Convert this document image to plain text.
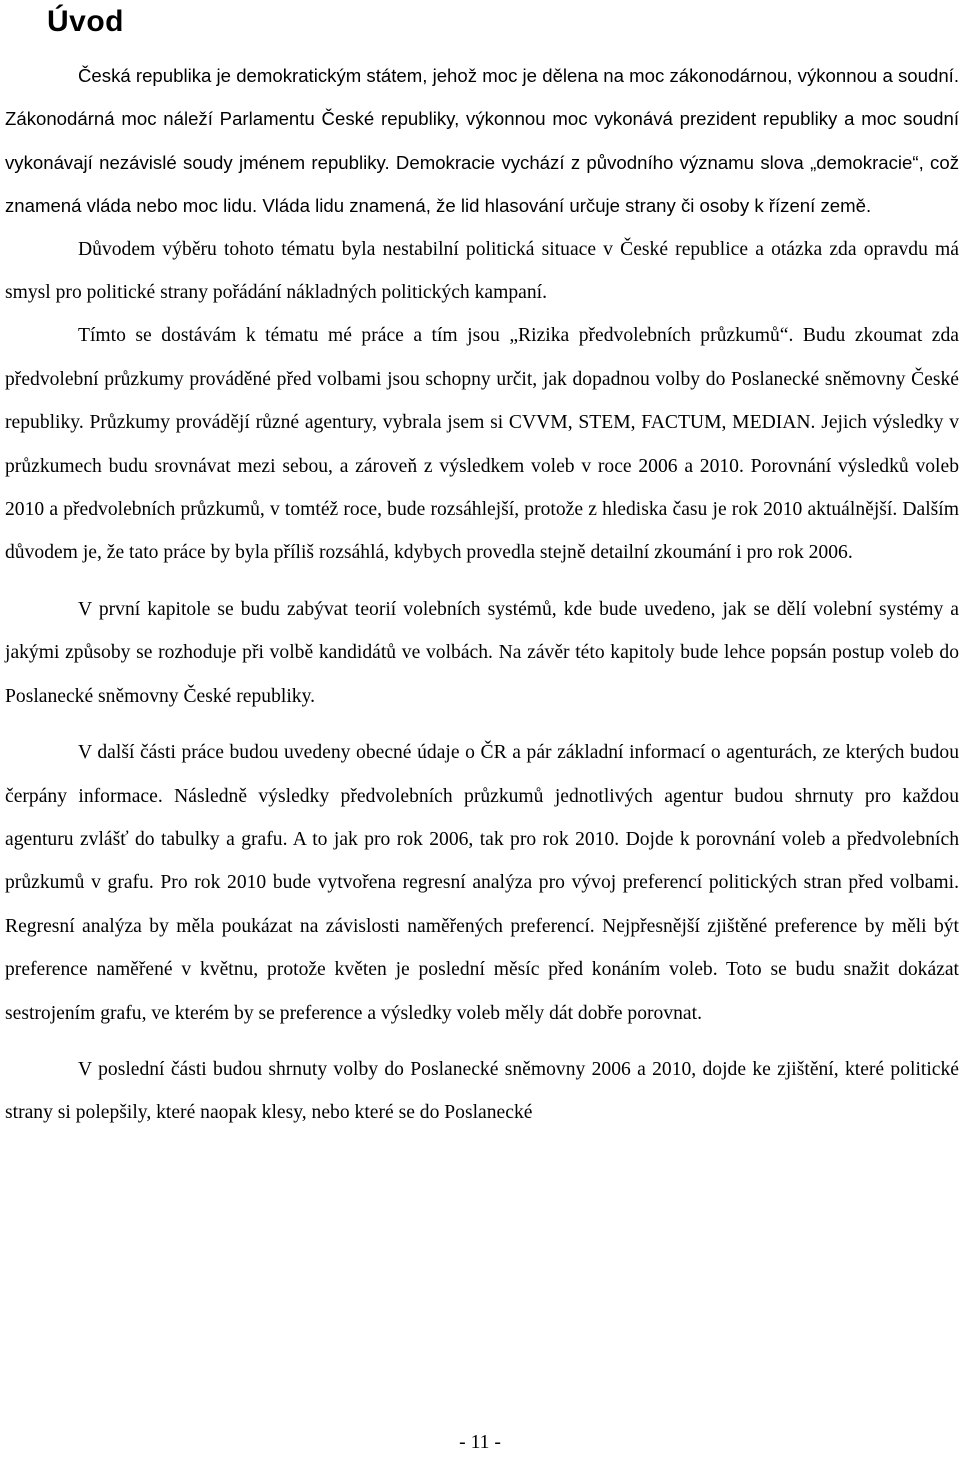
Úvod

Česká republika je demokratickým státem, jehož moc je dělena na moc zákonodárnou, výkonnou a soudní. Zákonodárná moc náleží Parlamentu České republiky, výkonnou moc vykonává prezident republiky a moc soudní vykonávají nezávislé soudy jménem republiky. Demokracie vychází z původního významu slova „demokracie“, což znamená vláda nebo moc lidu. Vláda lidu znamená, že lid hlasování určuje strany či osoby k řízení země.

Důvodem výběru tohoto tématu byla nestabilní politická situace v České republice a otázka zda opravdu má smysl pro politické strany pořádání nákladných politických kampaní.

Tímto se dostávám k tématu mé práce a tím jsou „Rizika předvolebních průzkumů“. Budu zkoumat zda předvolební průzkumy prováděné před volbami jsou schopny určit, jak dopadnou volby do Poslanecké sněmovny České republiky. Průzkumy provádějí různé agentury, vybrala jsem si CVVM, STEM, FACTUM, MEDIAN. Jejich výsledky v průzkumech budu srovnávat mezi sebou, a zároveň z výsledkem voleb v roce 2006 a 2010. Porovnání výsledků voleb 2010 a předvolebních průzkumů, v tomtéž roce, bude rozsáhlejší, protože z hlediska času je rok 2010 aktuálnější. Dalším důvodem je, že tato práce by byla příliš rozsáhlá, kdybych provedla stejně detailní zkoumání i pro rok 2006.

V první kapitole se budu zabývat teorií volebních systémů, kde bude uvedeno, jak se dělí volební systémy a jakými způsoby se rozhoduje při volbě kandidátů ve volbách. Na závěr této kapitoly bude lehce popsán postup voleb do Poslanecké sněmovny České republiky.

V další části práce budou uvedeny obecné údaje o ČR a pár základní informací o agenturách, ze kterých budou čerpány informace. Následně výsledky předvolebních průzkumů jednotlivých agentur budou shrnuty pro každou agenturu zvlášť do tabulky a grafu. A to jak pro rok 2006, tak pro rok 2010. Dojde k porovnání voleb a předvolebních průzkumů v grafu. Pro rok 2010 bude vytvořena regresní analýza pro vývoj preferencí politických stran před volbami. Regresní analýza by měla poukázat na závislosti naměřených preferencí. Nejpřesnější zjištěné preference by měli být preference naměřené v květnu, protože květen je poslední měsíc před konáním voleb. Toto se budu snažit dokázat sestrojením grafu, ve kterém by se preference a výsledky voleb měly dát dobře porovnat.

V poslední části budou shrnuty volby do Poslanecké sněmovny 2006 a 2010, dojde ke zjištění, které politické strany si polepšily, které naopak klesy, nebo které se do Poslanecké

- 11 -
